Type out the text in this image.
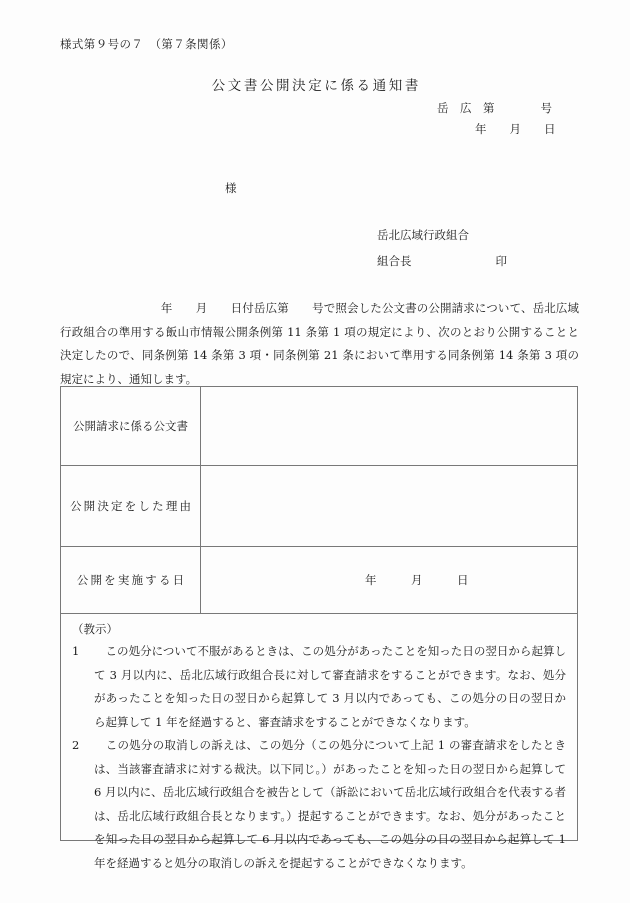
様式第９号の７　（第７条関係）
公文書公開決定に係る通知書
岳　広　第　　　　号
年　　月　　日
様
岳北広域行政組合
組合長	印
　　　年　　月　　日付岳広第　　号で照会した公文書の公開請求について、岳北広域行政組合の準用する飯山市情報公開条例第 11 条第 1 項の規定により、次のとおり公開することと決定したので、同条例第 14 条第 3 項・同条例第 21 条において準用する同条例第 14 条第 3 項の規定により、通知します。
公開請求に係る公文書	
公開決定をした理由	
公開を実施する日	年　　　月　　　日
（教示）
1 　この処分について不服があるときは、この処分があったことを知った日の翌日から起算して 3 月以内に、岳北広域行政組合長に対して審査請求をすることができます。なお、処分があったことを知った日の翌日から起算して 3 月以内であっても、この処分の日の翌日から起算して 1 年を経過すると、審査請求をすることができなくなります。
2 　この処分の取消しの訴えは、この処分（この処分について上記 1 の審査請求をしたときは、当該審査請求に対する裁決。以下同じ。）があったことを知った日の翌日から起算して 6 月以内に、岳北広域行政組合を被告として（訴訟において岳北広域行政組合を代表する者は、岳北広域行政組合長となります。）提起することができます。なお、処分があったことを知った日の翌日から起算して 6 月以内であっても、この処分の日の翌日から起算して 1 年を経過すると処分の取消しの訴えを提起することができなくなります。
